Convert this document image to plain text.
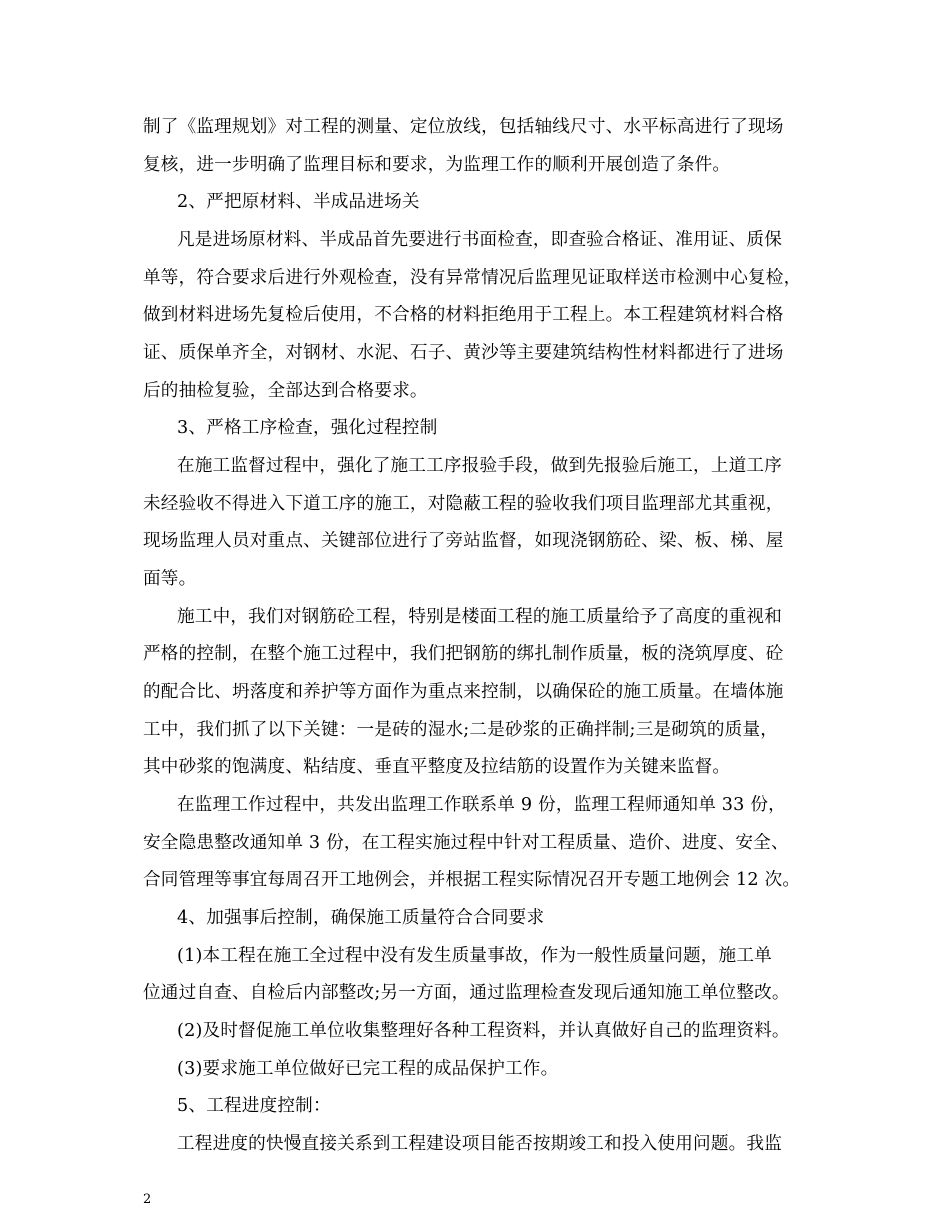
制了《监理规划》对工程的测量、定位放线，包括轴线尺寸、水平标高进行了现场
复核，进一步明确了监理目标和要求，为监理工作的顺利开展创造了条件。
2、严把原材料、半成品进场关
凡是进场原材料、半成品首先要进行书面检查，即查验合格证、准用证、质保
单等，符合要求后进行外观检查，没有异常情况后监理见证取样送市检测中心复检，
做到材料进场先复检后使用，不合格的材料拒绝用于工程上。本工程建筑材料合格
证、质保单齐全，对钢材、水泥、石子、黄沙等主要建筑结构性材料都进行了进场
后的抽检复验，全部达到合格要求。
3、严格工序检查，强化过程控制
在施工监督过程中，强化了施工工序报验手段，做到先报验后施工，上道工序
未经验收不得进入下道工序的施工，对隐蔽工程的验收我们项目监理部尤其重视，
现场监理人员对重点、关键部位进行了旁站监督，如现浇钢筋砼、梁、板、梯、屋
面等。
施工中，我们对钢筋砼工程，特别是楼面工程的施工质量给予了高度的重视和
严格的控制，在整个施工过程中，我们把钢筋的绑扎制作质量，板的浇筑厚度、砼
的配合比、坍落度和养护等方面作为重点来控制，以确保砼的施工质量。在墙体施
工中，我们抓了以下关键：一是砖的湿水;二是砂浆的正确拌制;三是砌筑的质量，
其中砂浆的饱满度、粘结度、垂直平整度及拉结筋的设置作为关键来监督。
在监理工作过程中，共发出监理工作联系单 9 份，监理工程师通知单 33 份，
安全隐患整改通知单 3 份，在工程实施过程中针对工程质量、造价、进度、安全、
合同管理等事宜每周召开工地例会，并根据工程实际情况召开专题工地例会 12 次。
4、加强事后控制，确保施工质量符合合同要求
(1)本工程在施工全过程中没有发生质量事故，作为一般性质量问题，施工单
位通过自查、自检后内部整改;另一方面，通过监理检查发现后通知施工单位整改。
(2)及时督促施工单位收集整理好各种工程资料，并认真做好自己的监理资料。
(3)要求施工单位做好已完工程的成品保护工作。
5、工程进度控制：
工程进度的快慢直接关系到工程建设项目能否按期竣工和投入使用问题。我监
2
